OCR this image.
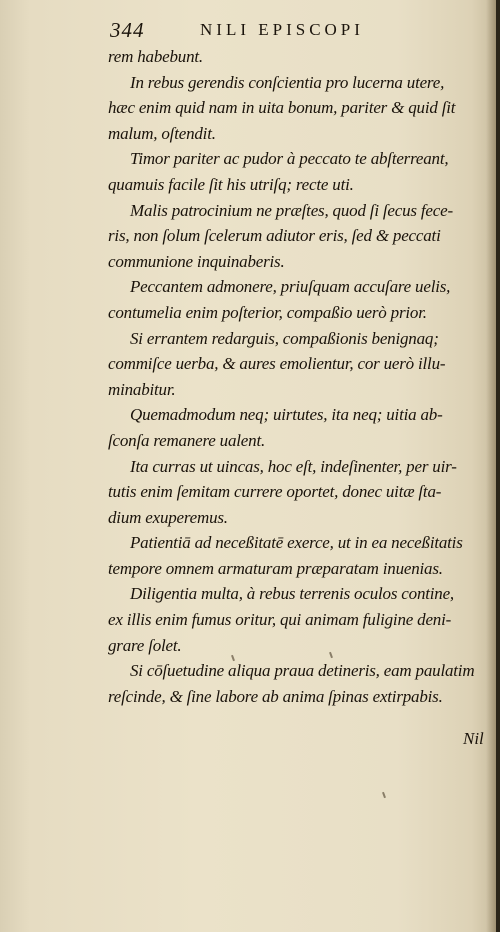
344	NILI EPISCOPI
rem habebunt.
In rebus gerendis conſcientia pro lucerna utere,
hæc enim quid nam in uita bonum, pariter & quid ſit
malum, oſtendit.
Timor pariter ac pudor à peccato te abſterreant,
quamuis facile ſit his utriſq; recte uti.
Malis patrocinium ne præſtes, quod ſi ſecus fece-
ris, non ſolum ſcelerum adiutor eris, ſed & peccati
communione inquinaberis.
Peccantem admonere, priuſquam accuſare uelis,
contumelia enim poſterior, compaßio uerò prior.
Si errantem redarguis, compaßionis benignaq;
commiſce uerba, & aures emolientur, cor uerò illu-
minabitur.
Quemadmodum neq; uirtutes, ita neq; uitia ab-
ſconſa remanere ualent.
Ita curras ut uincas, hoc eſt, indeſinenter, per uir-
tutis enim ſemitam currere oportet, donec uitæ ſta-
dium exuperemus.
Patientiā ad neceßitatē exerce, ut in ea neceßitatis
tempore omnem armaturam præparatam inuenias.
Diligentia multa, à rebus terrenis oculos contine,
ex illis enim fumus oritur, qui animam fuligine deni-
grare ſolet.
Si cōſuetudine aliqua praua detineris, eam paulatim
reſcinde, & ſine labore ab anima ſpinas extirpabis.
Nil
